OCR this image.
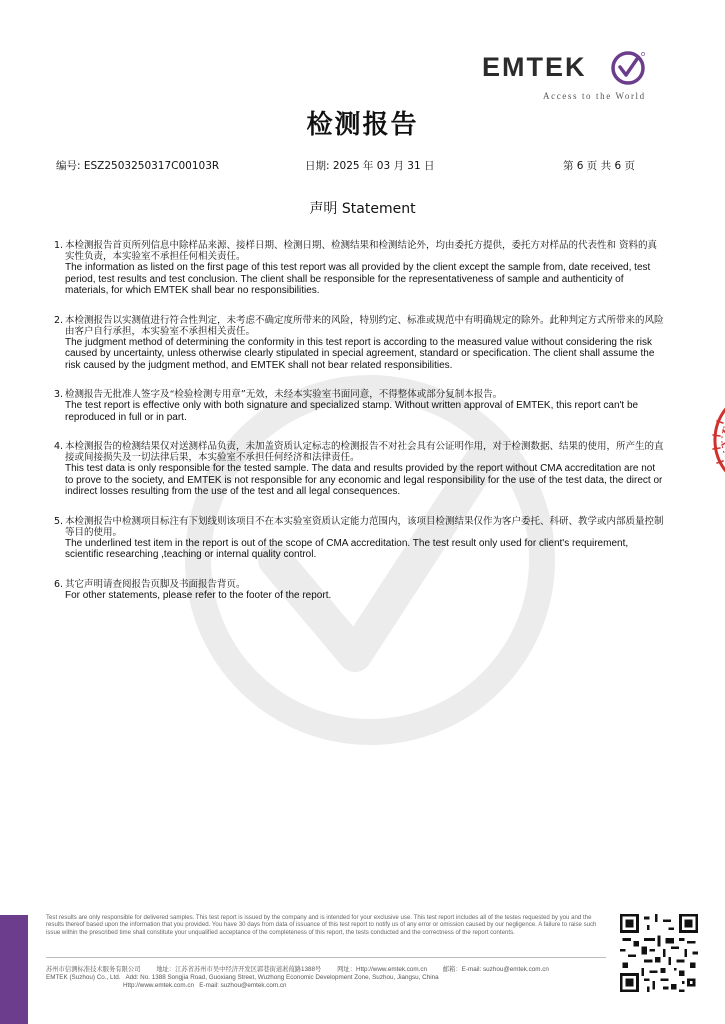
EMTEK
Access to the World
检测报告
编号: ESZ2503250317C00103R	日期: 2025 年 03 月 31 日	第 6 页 共 6 页
声明 Statement
1. 本检测报告首页所列信息中除样品来源、接样日期、检测日期、检测结果和检测结论外，均由委托方提供，委托方对样品的代表性和 资料的真实性负责，本实验室不承担任何相关责任。

The information as listed on the first page of this test report was all provided by the client except the sample from, date received, test period, test results and test conclusion. The client shall be responsible for the representativeness of sample and authenticity of materials, for which EMTEK shall bear no responsibilities.

2. 本检测报告以实测值进行符合性判定，未考虑不确定度所带来的风险，特别约定、标准或规范中有明确规定的除外。此种判定方式所带来的风险由客户自行承担，本实验室不承担相关责任。

The judgment method of determining the conformity in this test report is according to the measured value without considering the risk caused by uncertainty, unless otherwise clearly stipulated in special agreement, standard or specification. The client shall assume the risk caused by the judgment method, and EMTEK shall not bear related responsibilities.

3. 检测报告无批准人签字及“检验检测专用章”无效，未经本实验室书面同意，不得整体或部分复制本报告。

The test report is effective only with both signature and specialized stamp. Without written approval of EMTEK, this report can't be reproduced in full or in part.

4. 本检测报告的检测结果仅对送测样品负责，未加盖资质认定标志的检测报告不对社会具有公证明作用，对于检测数据、结果的使用，所产生的直接或间接损失及一切法律后果，本实验室不承担任何经济和法律责任。

This test data is only responsible for the tested sample. The data and results provided by the report without CMA accreditation are not to prove to the society, and EMTEK is not responsible for any economic and legal responsibility for the use of the test data, the direct or indirect losses resulting from the use of the test and all legal consequences.

5. 本检测报告中检测项目标注有下划线则该项目不在本实验室资质认定能力范围内，该项目检测结果仅作为客户委托、科研、教学或内部质量控制等目的使用。

The underlined test item in the report is out of the scope of CMA accreditation. The test result only used for client's requirement, scientific researching ,teaching or internal quality control.

6. 其它声明请查阅报告页脚及书面报告背页。

For other statements, please refer to the footer of the report.

Test results are only responsible for delivered samples. This test report is issued by the company and is intended for your exclusive use. This test report includes all of the testes requested by you and the results thereof based upon the information that you provided. You have 30 days from data of issuance of this test report to notify us of any error or omission caused by our negligence. A failure to raise such issue within the prescribed time shall constitute your unqualified acceptance of the completeness of this report, the tests conducted and the correctness of the report contents.
苏州市信测标准技术服务有限公司	地址：江苏省苏州市吴中经济开发区郭巷街道凇葭路1388号	网址：Http://www.emtek.com.cn	邮箱：E-mail: suzhou@emtek.com.cn
EMTEK (Suzhou) Co., Ltd. Add: No. 1388 Songjia Road, Guoxiang Street, Wuzhong Economic Development Zone, Suzhou, Jiangsu, China
Http://www.emtek.com.cn E-mail: suzhou@emtek.com.cn
